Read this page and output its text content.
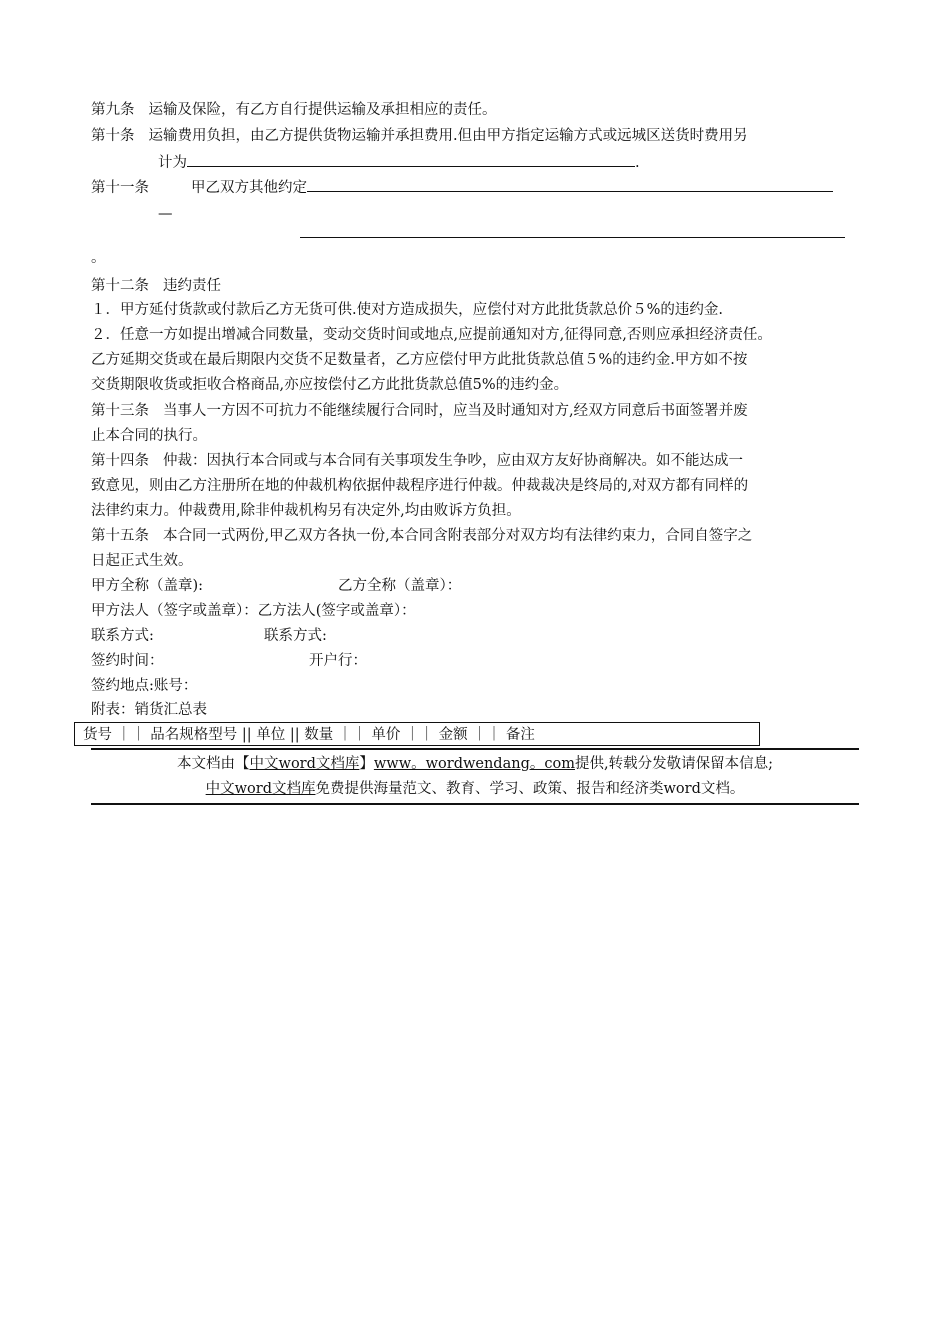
第九条 运输及保险，有乙方自行提供运输及承担相应的责任。
第十条 运输费用负担，由乙方提供货物运输并承担费用.但由甲方指定运输方式或远城区送货时费用另
计为	.
第十一条	甲乙双方其他约定
—
。
第十二条 违约责任
１．甲方延付货款或付款后乙方无货可供.使对方造成损失，应偿付对方此批货款总价５%的违约金.
２．任意一方如提出增减合同数量，变动交货时间或地点,应提前通知对方,征得同意,否则应承担经济责任。
乙方延期交货或在最后期限内交货不足数量者，乙方应偿付甲方此批货款总值５%的违约金.甲方如不按
交货期限收货或拒收合格商品,亦应按偿付乙方此批货款总值5%的违约金。
第十三条 当事人一方因不可抗力不能继续履行合同时，应当及时通知对方,经双方同意后书面签署并废
止本合同的执行。
第十四条 仲裁：因执行本合同或与本合同有关事项发生争吵，应由双方友好协商解决。如不能达成一
致意见，则由乙方注册所在地的仲裁机构依据仲裁程序进行仲裁。仲裁裁决是终局的,对双方都有同样的
法律约束力。仲裁费用,除非仲裁机构另有决定外,均由败诉方负担。
第十五条 本合同一式两份,甲乙双方各执一份,本合同含附表部分对双方均有法律约束力，合同自签字之
日起正式生效。
甲方全称（盖章):	乙方全称（盖章）：
甲方法人（签字或盖章）：乙方法人(签字或盖章）：
联系方式:	联系方式:
签约时间：	开户行：
签约地点:账号：
附表：销货汇总表
货号 ｜｜ 品名规格型号 || 单位 || 数量 ｜｜ 单价 ｜｜ 金额 ｜｜ 备注
本文档由【中文word文档库】www。wordwendang。com提供,转载分发敬请保留本信息;
中文word文档库免费提供海量范文、教育、学习、政策、报告和经济类word文档。
